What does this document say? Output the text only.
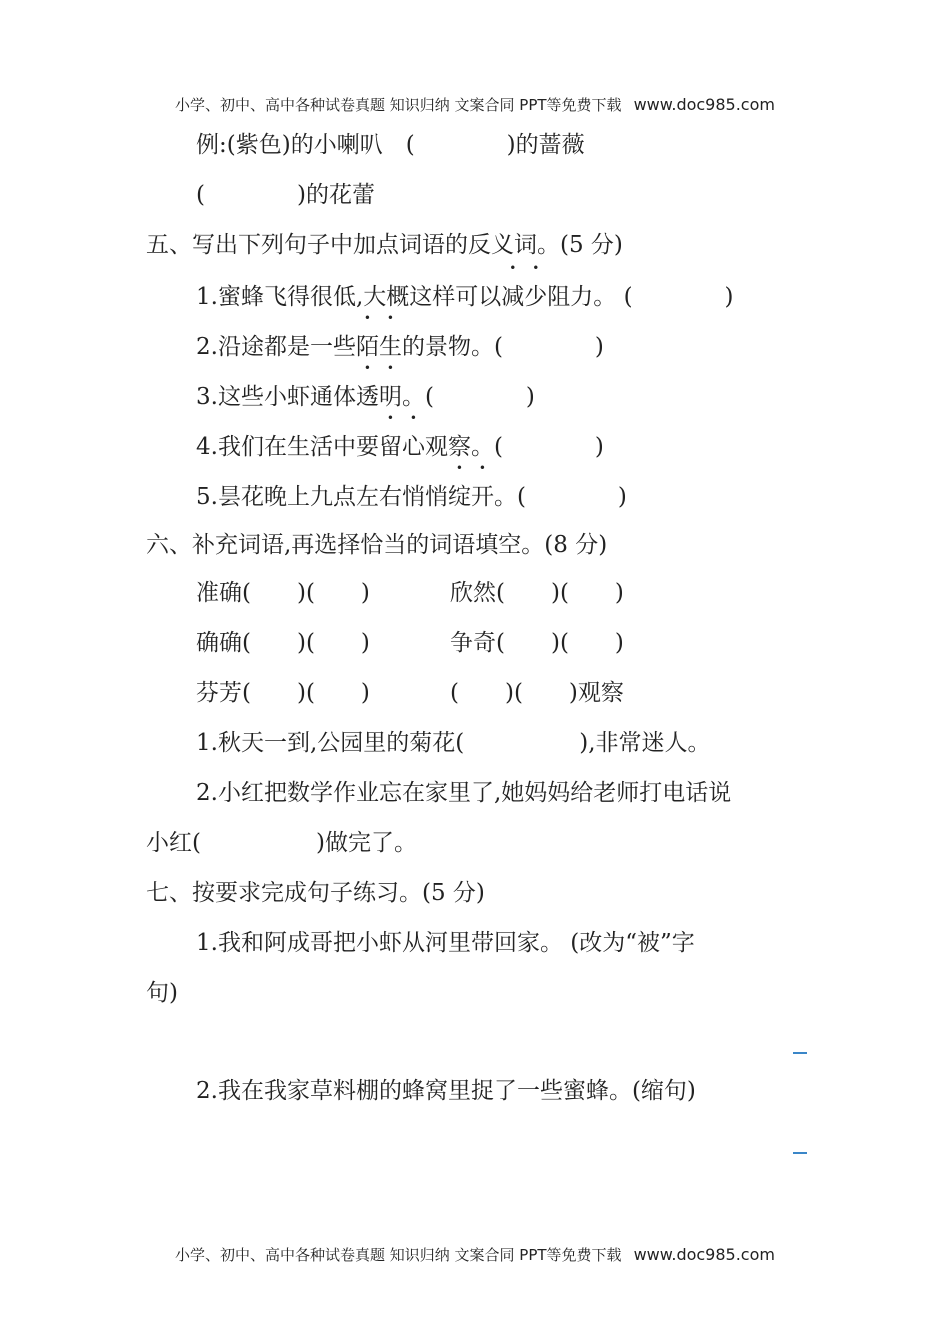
小学、初中、高中各种试卷真题 知识归纳 文案合同 PPT等免费下载 www.doc985.com
例:(紫色)的小喇叭　(　　　　)的蔷薇
(　　　　)的花蕾
五、写出下列句子中加点词语的反义词。(5 分)
1.蜜蜂飞得很低,大概这样可以减少阻力。 (　　　　)
2.沿途都是一些陌生的景物。(　　　　)
3.这些小虾通体透明。(　　　　)
4.我们在生活中要留心观察。(　　　　)
5.昙花晚上九点左右悄悄绽开。(　　　　)
六、补充词语,再选择恰当的词语填空。(8 分)
准确(　　)(　　)	欣然(　　)(　　)
确确(　　)(　　)	争奇(　　)(　　)
芬芳(　　)(　　)	(　　)(　　)观察
1.秋天一到,公园里的菊花(　　　　　),非常迷人。
2.小红把数学作业忘在家里了,她妈妈给老师打电话说
小红(　　　　　)做完了。
七、按要求完成句子练习。(5 分)
1.我和阿成哥把小虾从河里带回家。 (改为“被”字
句)
2.我在我家草料棚的蜂窝里捉了一些蜜蜂。(缩句)
小学、初中、高中各种试卷真题 知识归纳 文案合同 PPT等免费下载 www.doc985.com
